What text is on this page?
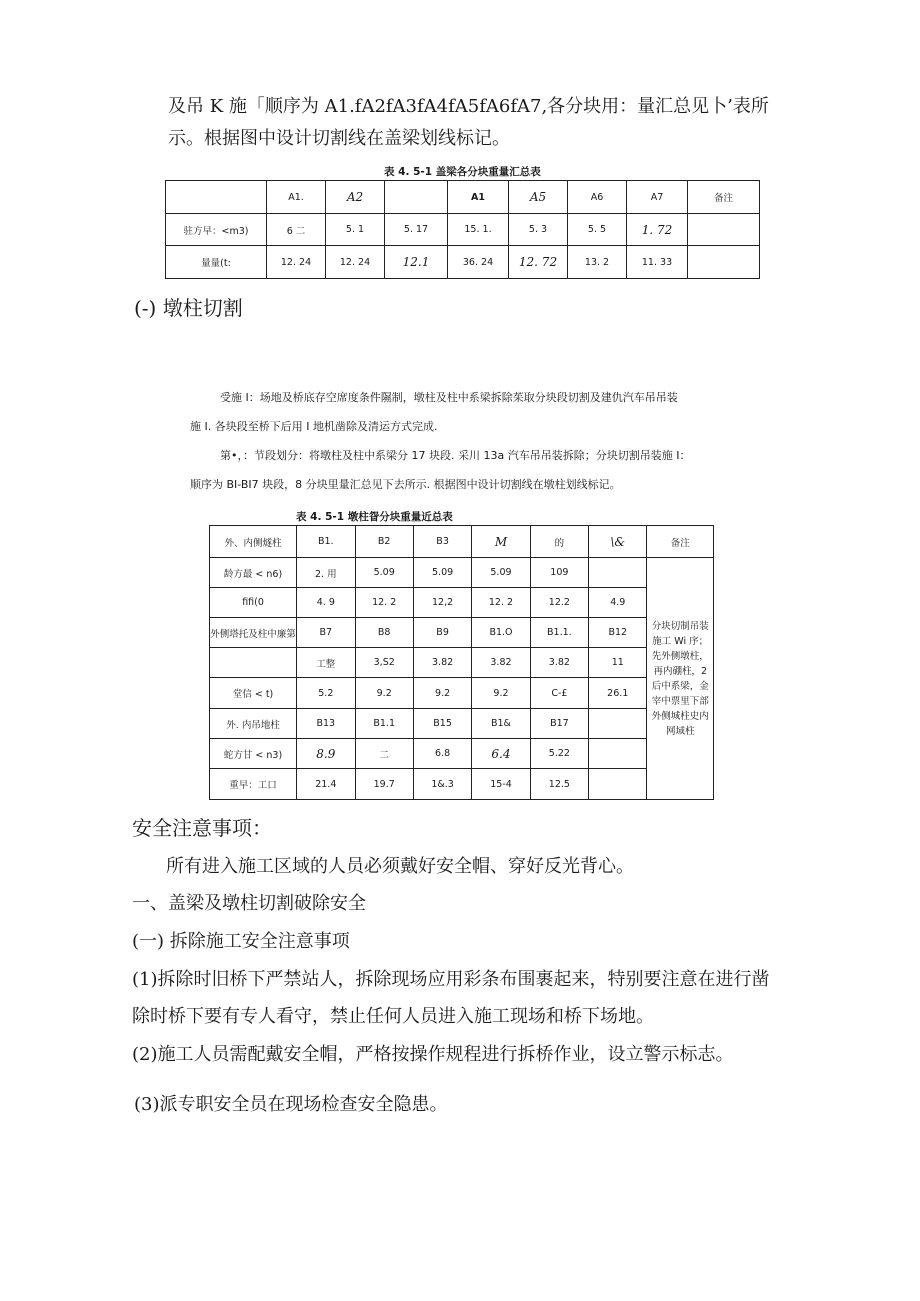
及吊 K 施「顺序为 A1.fA2fA3fA4fA5fA6fA7,各分块用：量汇总见卜’表所
示。根据图中设计切割线在盖梁划线标记。
表 4. 5-1 盖梁各分块重量汇总表
	A1.	A2		A1	A5	A6	A7	备注
驻方早：<m3)	6 二	5. 1	5. 17	15. 1.	5. 3	5. 5	1. 72	
量量(t:	12. 24	12. 24	12.1	36. 24	12. 72	13. 2	11. 33	
(-) 墩柱切割
受施 I：场地及桥底存空席度条件隰制，墩柱及柱中系梁拆除茱取分块段切割及建仇汽车吊吊装
施 I. 各块段至桥下后用 I 地机凿除及清运方式完成.
第•，：节段划分：将墩柱及柱中系梁分 17 块段. 采川 13a 汽车吊吊装拆除；分块切割吊装施 I：
顺序为 BI-BI7 块段，8 分块里量汇总见下去所示. 根据图中设计切割线在墩柱划线标记。
表 4. 5-1 墩柱眢分块重量近总表
外、内侧燧柱	B1.	B2	B3	M	的	\&	备注
龄方最 < n6)	2. 用	5.09	5.09	5.09	109		分块切制吊装施工 Wi 序；先外侧墩柱，再内硼柱，2 后中系梁，金宰中票里下部外侧城柱史内网域柱
fifi(0	4. 9	12. 2	12,2	12. 2	12.2	4.9	
外侧塔托及柱中廉第	B7	B8	B9	B1.O	B1.1.	B12	
	工整	3,S2	3.82	3.82	3.82	11	
堂信 < t)	5.2	9.2	9.2	9.2	C-£	26.1	
外. 内吊地柱	B13	B1.1	B15	B1&	B17		
蛇方甘 < n3)	8.9	二	6.8	6.4	5.22		
重早：工口	21.4	19.7	1&.3	15-4	12.5		
安全注意事项：
所有进入施工区域的人员必须戴好安全帽、穿好反光背心。
一、盖梁及墩柱切割破除安全
(一) 拆除施工安全注意事项
(1)拆除时旧桥下严禁站人，拆除现场应用彩条布围裹起来，特别要注意在进行凿
除时桥下要有专人看守，禁止任何人员进入施工现场和桥下场地。
(2)施工人员需配戴安全帽，严格按操作规程进行拆桥作业，设立警示标志。
(3)派专职安全员在现场检查安全隐患。
